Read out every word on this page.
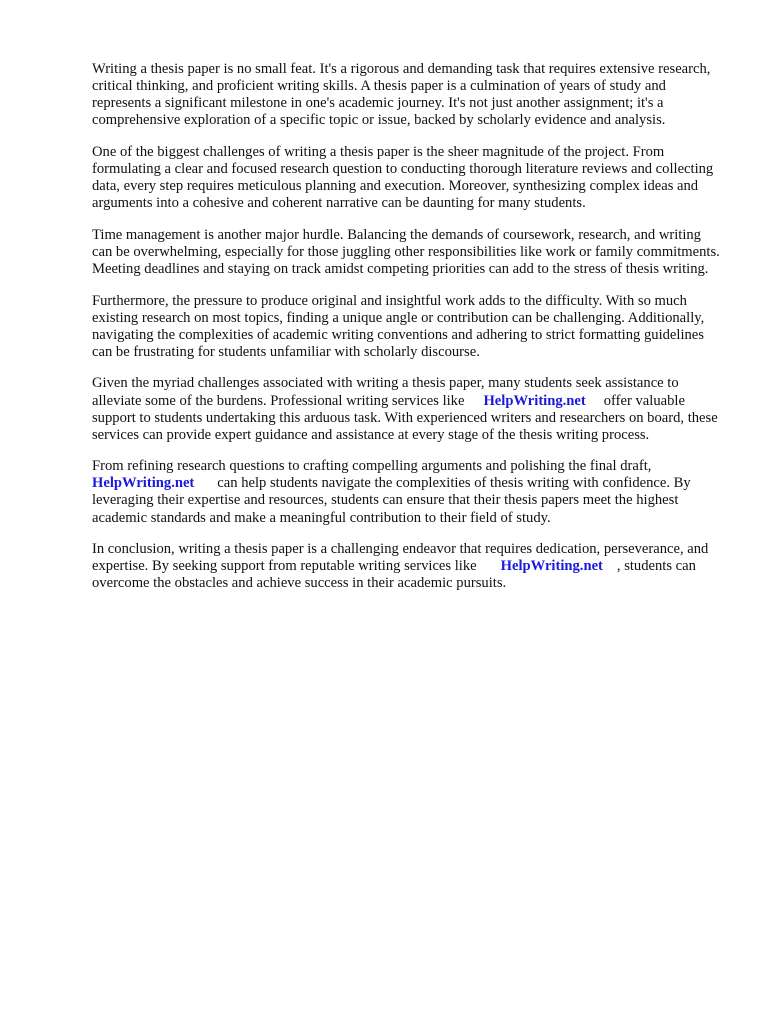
Writing a thesis paper is no small feat. It's a rigorous and demanding task that requires extensive research, critical thinking, and proficient writing skills. A thesis paper is a culmination of years of study and represents a significant milestone in one's academic journey. It's not just another assignment; it's a comprehensive exploration of a specific topic or issue, backed by scholarly evidence and analysis.

One of the biggest challenges of writing a thesis paper is the sheer magnitude of the project. From formulating a clear and focused research question to conducting thorough literature reviews and collecting data, every step requires meticulous planning and execution. Moreover, synthesizing complex ideas and arguments into a cohesive and coherent narrative can be daunting for many students.

Time management is another major hurdle. Balancing the demands of coursework, research, and writing can be overwhelming, especially for those juggling other responsibilities like work or family commitments. Meeting deadlines and staying on track amidst competing priorities can add to the stress of thesis writing.

Furthermore, the pressure to produce original and insightful work adds to the difficulty. With so much existing research on most topics, finding a unique angle or contribution can be challenging. Additionally, navigating the complexities of academic writing conventions and adhering to strict formatting guidelines can be frustrating for students unfamiliar with scholarly discourse.

Given the myriad challenges associated with writing a thesis paper, many students seek assistance to alleviate some of the burdens. Professional writing services like HelpWriting.net offer valuable support to students undertaking this arduous task. With experienced writers and researchers on board, these services can provide expert guidance and assistance at every stage of the thesis writing process.

From refining research questions to crafting compelling arguments and polishing the final draft, HelpWriting.net can help students navigate the complexities of thesis writing with confidence. By leveraging their expertise and resources, students can ensure that their thesis papers meet the highest academic standards and make a meaningful contribution to their field of study.

In conclusion, writing a thesis paper is a challenging endeavor that requires dedication, perseverance, and expertise. By seeking support from reputable writing services like HelpWriting.net , students can overcome the obstacles and achieve success in their academic pursuits.
